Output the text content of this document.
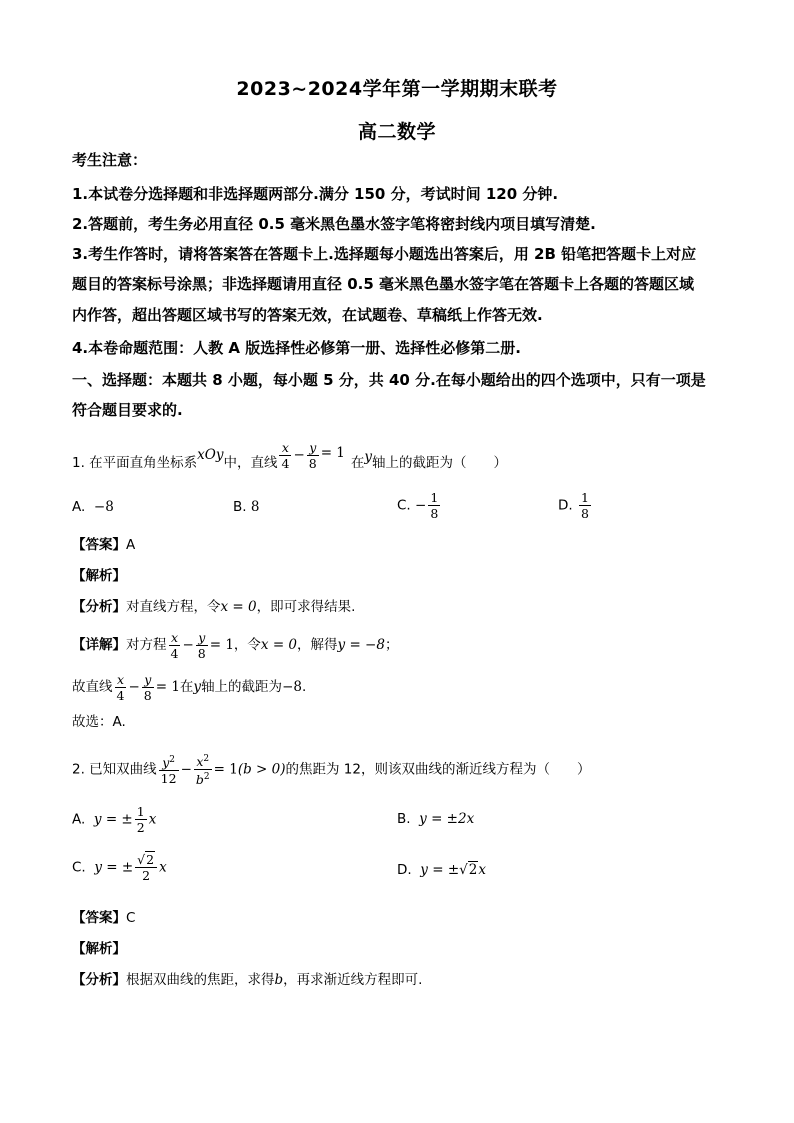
2023~2024学年第一学期期末联考
高二数学
考生注意：
1.本试卷分选择题和非选择题两部分.满分 150 分，考试时间 120 分钟.
2.答题前，考生务必用直径 0.5 毫米黑色墨水签字笔将密封线内项目填写清楚.
3.考生作答时，请将答案答在答题卡上.选择题每小题选出答案后，用 2B 铅笔把答题卡上对应
题目的答案标号涂黑；非选择题请用直径 0.5 毫米黑色墨水签字笔在答题卡上各题的答题区域
内作答，超出答题区域书写的答案无效，在试题卷、草稿纸上作答无效.
4.本卷命题范围：人教 A 版选择性必修第一册、选择性必修第二册.
一、选择题：本题共 8 小题，每小题 5 分，共 40 分.在每小题给出的四个选项中，只有一项是
符合题目要求的.
1. 在平面直角坐标系xOy中，直线 $\frac{x}{4} - \frac{y}{8} = 1$在y轴上的截距为（　　）
A. −8	B. 8	C. − $\frac{1}{8}$	D. $\frac{1}{8}$
【答案】A
【解析】
【分析】对直线方程，令x = 0，即可求得结果.
【详解】对方程 $\frac{x}{4} - \frac{y}{8} = 1$，令x = 0，解得y = −8；
故直线 $\frac{x}{4} - \frac{y}{8} = 1$在y轴上的截距为−8.
故选：A.
2. 已知双曲线 $\frac{y^2}{12} - \frac{x^2}{b^2} = 1(b > 0)$的焦距为 12，则该双曲线的渐近线方程为（　　）
A. y = ± $\frac{1}{2}$ x	B. y = ±2x
C. y = ± $\frac{√2}{2}$ x	D. y = ±√2x
【答案】C
【解析】
【分析】根据双曲线的焦距，求得b，再求渐近线方程即可.
